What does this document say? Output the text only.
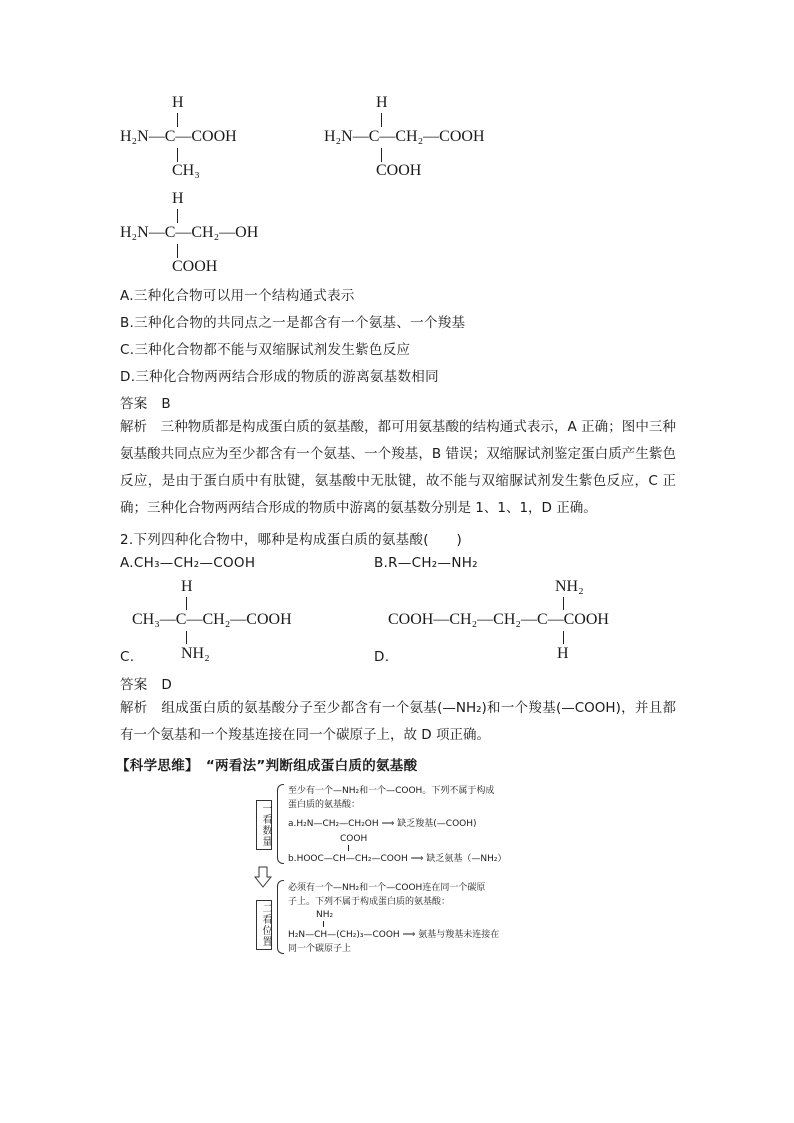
H
H₂N—C—COOH
CH₃
H
H₂N—C—CH₂—COOH
COOH
H
H₂N—C—CH₂—OH
COOH
A.三种化合物可以用一个结构通式表示
B.三种化合物的共同点之一是都含有一个氨基、一个羧基
C.三种化合物都不能与双缩脲试剂发生紫色反应
D.三种化合物两两结合形成的物质的游离氨基数相同
答案　B
解析　三种物质都是构成蛋白质的氨基酸，都可用氨基酸的结构通式表示，A 正确；图中三种氨基酸共同点应为至少都含有一个氨基、一个羧基，B 错误；双缩脲试剂鉴定蛋白质产生紫色反应，是由于蛋白质中有肽键，氨基酸中无肽键，故不能与双缩脲试剂发生紫色反应，C 正确；三种化合物两两结合形成的物质中游离的氨基数分别是 1、1、1，D 正确。
2.下列四种化合物中，哪种是构成蛋白质的氨基酸(　　)
A.CH₃—CH₂—COOH	B.R—CH₂—NH₂
H
CH₃—C—CH₂—COOH
NH₂
C.
NH₂
COOH—CH₂—CH₂—C—COOH
H
D.
答案　D
解析　组成蛋白质的氨基酸分子至少都含有一个氨基(—NH₂)和一个羧基(—COOH)，并且都有一个氨基和一个羧基连接在同一个碳原子上，故 D 项正确。
【科学思维】　“两看法”判断组成蛋白质的氨基酸
一看数量
至少有一个—NH₂和一个—COOH。下列不属于构成
蛋白质的氨基酸：
a.H₂N—CH₂—CH₂OH ⟹ 缺乏羧基(—COOH)
COOH
b.HOOC—CH—CH₂—COOH ⟹ 缺乏氨基（—NH₂）
二看位置
必须有一个—NH₂和一个—COOH连在同一个碳原
子上。下列不属于构成蛋白质的氨基酸：
NH₂
H₂N—CH—(CH₂)₃—COOH ⟹ 氨基与羧基未连接在
同一个碳原子上
